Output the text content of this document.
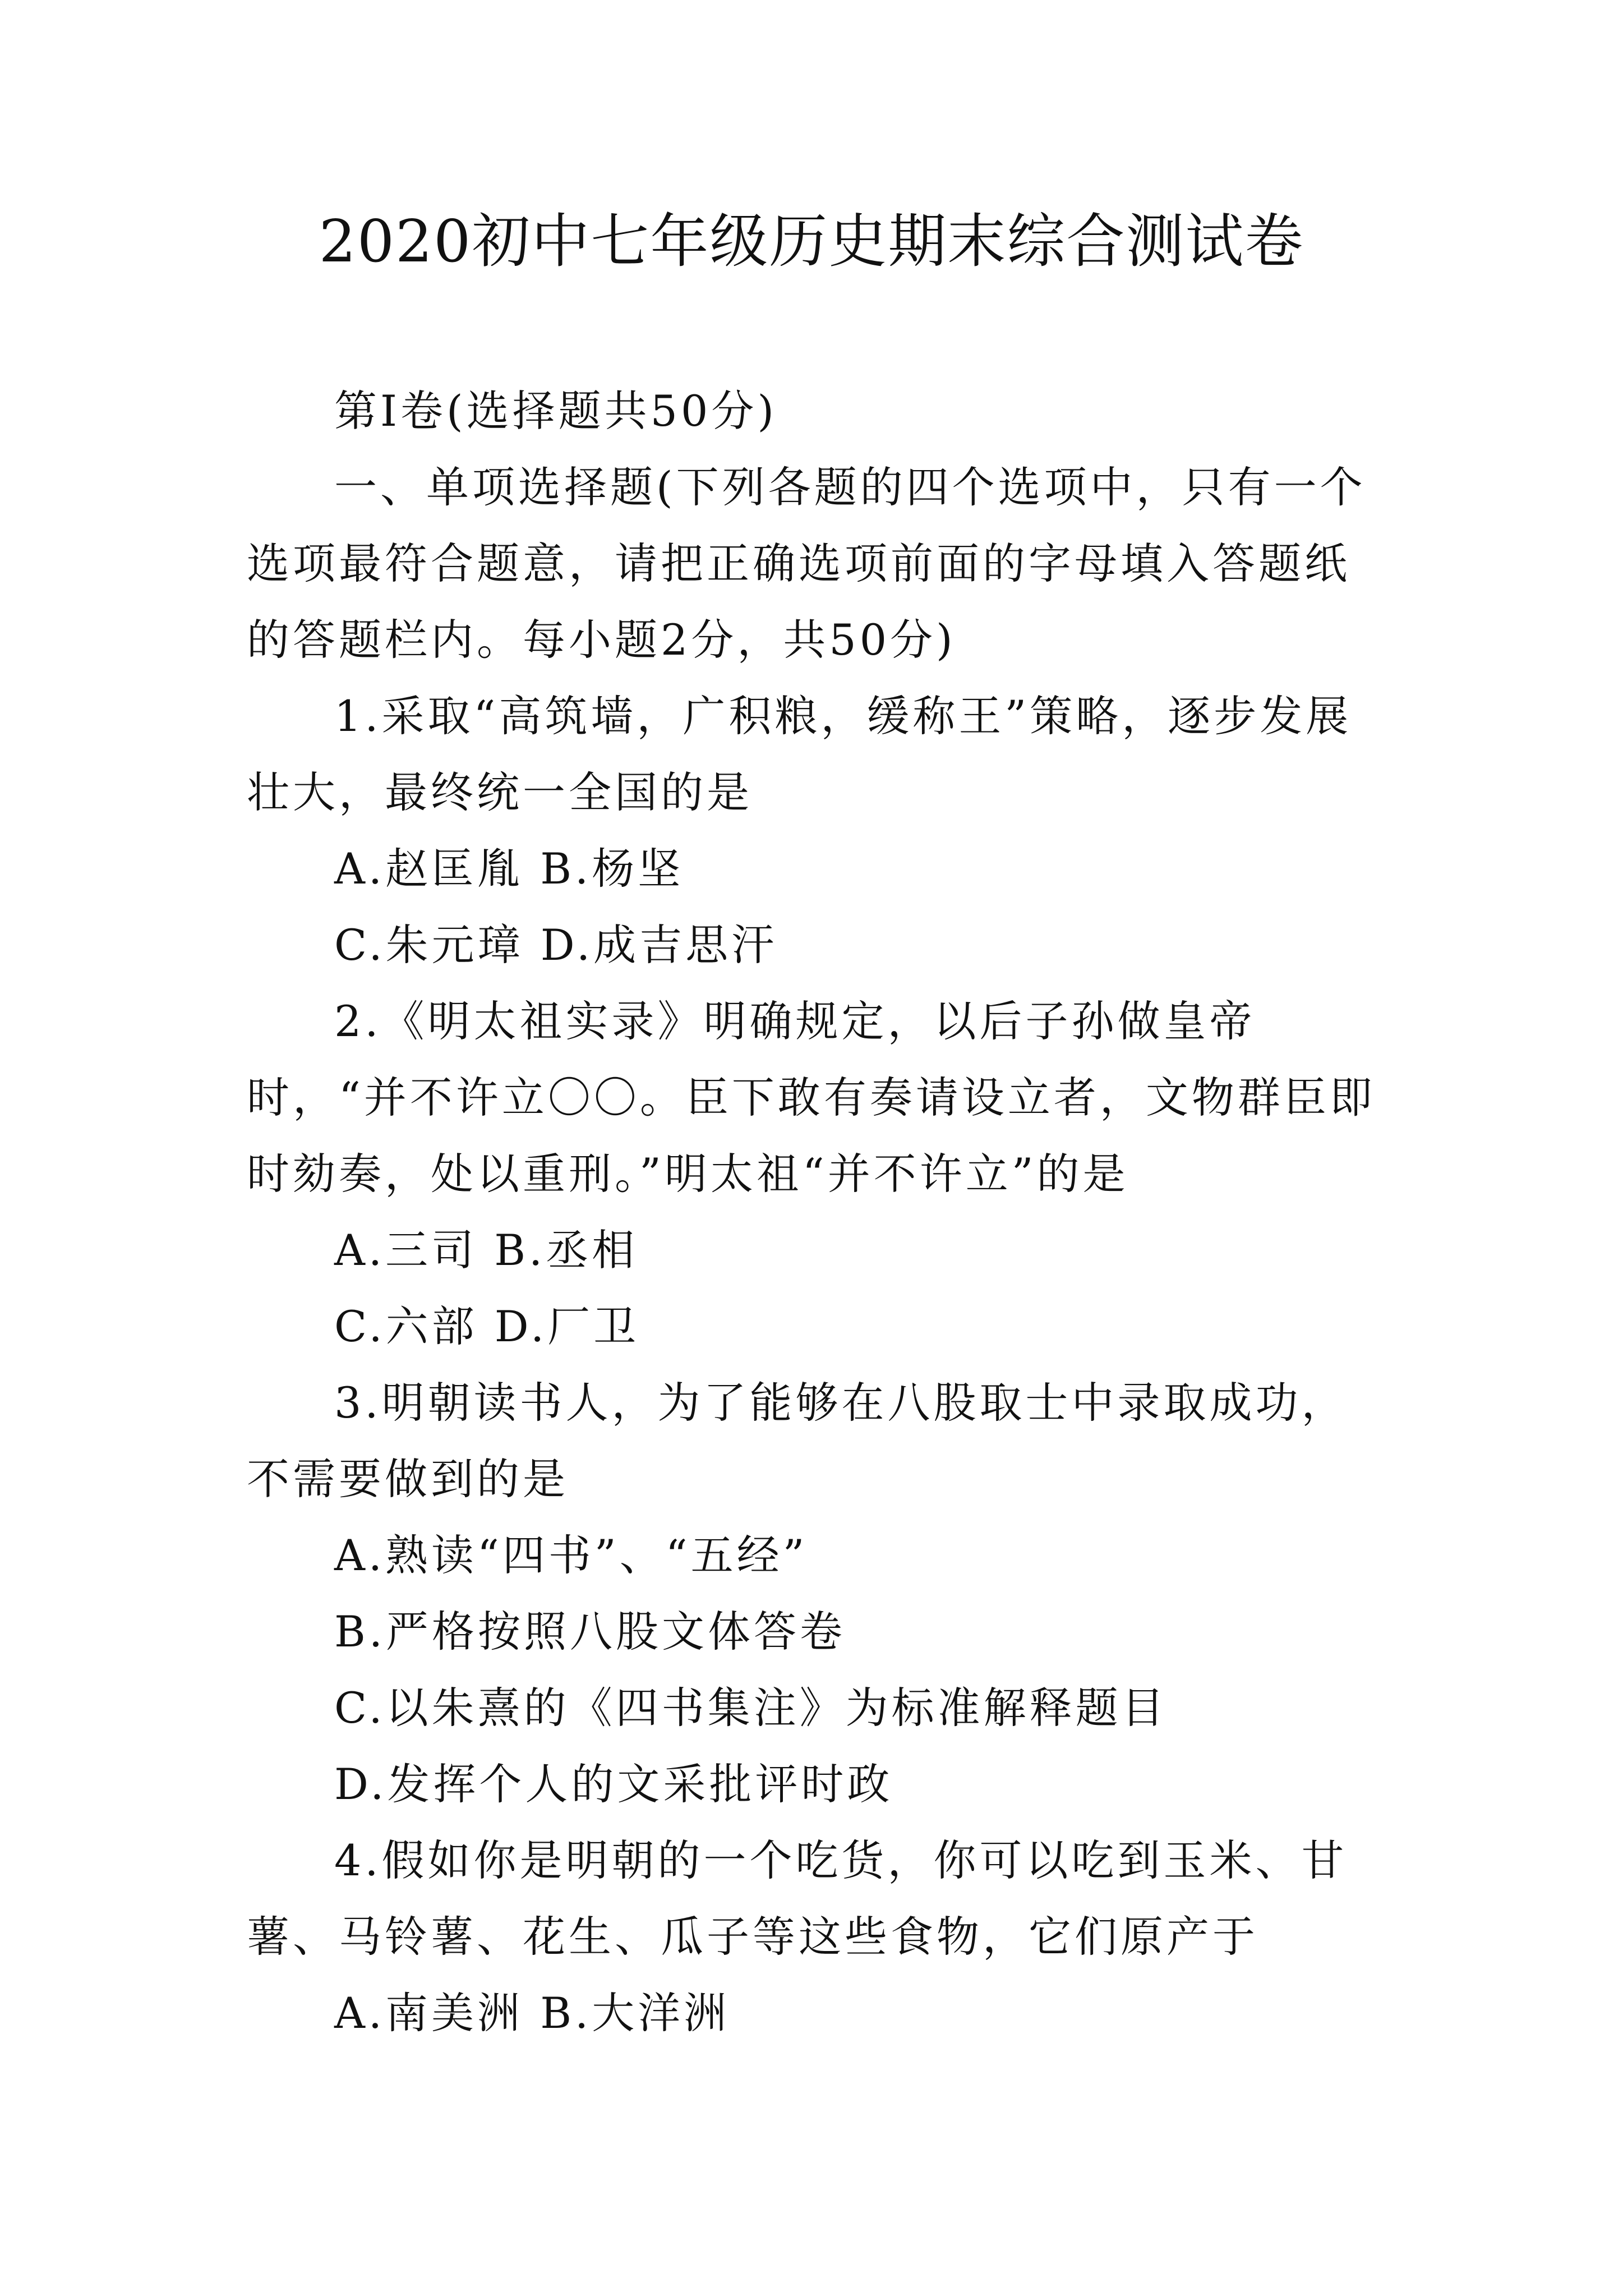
2020初中七年级历史期末综合测试卷

第Ⅰ卷(选择题共50分)

一、单项选择题(下列各题的四个选项中，只有一个选项最符合题意，请把正确选项前面的字母填入答题纸的答题栏内。每小题2分，共50分)

1.采取“高筑墙，广积粮，缓称王”策略，逐步发展壮大，最终统一全国的是

A.赵匡胤 B.杨坚

C.朱元璋 D.成吉思汗

2.《明太祖实录》明确规定，以后子孙做皇帝时，“并不许立〇〇。臣下敢有奏请设立者，文物群臣即时劾奏，处以重刑。”明太祖“并不许立”的是

A.三司 B.丞相

C.六部 D.厂卫

3.明朝读书人，为了能够在八股取士中录取成功，不需要做到的是

A.熟读“四书”、“五经”

B.严格按照八股文体答卷

C.以朱熹的《四书集注》为标准解释题目

D.发挥个人的文采批评时政

4.假如你是明朝的一个吃货，你可以吃到玉米、甘薯、马铃薯、花生、瓜子等这些食物，它们原产于

A.南美洲 B.大洋洲
